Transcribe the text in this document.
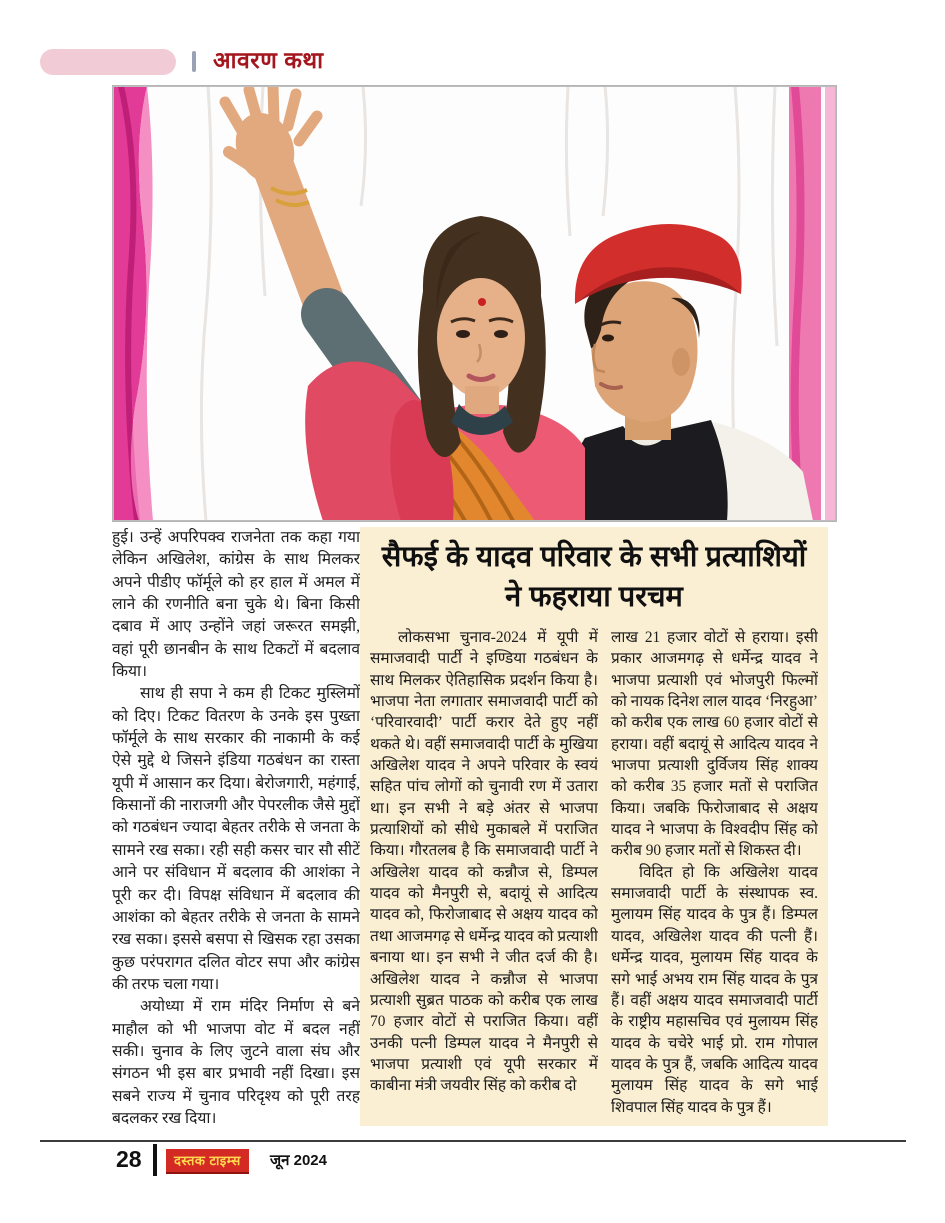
आवरण कथा

हुई। उन्हें अपरिपक्व राजनेता तक कहा गया लेकिन अखिलेश, कांग्रेस के साथ मिलकर अपने पीडीए फॉर्मूले को हर हाल में अमल में लाने की रणनीति बना चुके थे। बिना किसी दबाव में आए उन्होंने जहां जरूरत समझी, वहां पूरी छानबीन के साथ टिकटों में बदलाव किया।

साथ ही सपा ने कम ही टिकट मुस्लिमों को दिए। टिकट वितरण के उनके इस पुख्ता फॉर्मूले के साथ सरकार की नाकामी के कई ऐसे मुद्दे थे जिसने इंडिया गठबंधन का रास्ता यूपी में आसान कर दिया। बेरोजगारी, महंगाई, किसानों की नाराजगी और पेपरलीक जैसे मुद्दों को गठबंधन ज्यादा बेहतर तरीके से जनता के सामने रख सका। रही सही कसर चार सौ सीटें आने पर संविधान में बदलाव की आशंका ने पूरी कर दी। विपक्ष संविधान में बदलाव की आशंका को बेहतर तरीके से जनता के सामने रख सका। इससे बसपा से खिसक रहा उसका कुछ परंपरागत दलित वोटर सपा और कांग्रेस की तरफ चला गया।

अयोध्या में राम मंदिर निर्माण से बने माहौल को भी भाजपा वोट में बदल नहीं सकी। चुनाव के लिए जुटने वाला संघ और संगठन भी इस बार प्रभावी नहीं दिखा। इस सबने राज्य में चुनाव परिदृश्य को पूरी तरह बदलकर रख दिया।

सैफई के यादव परिवार के सभी प्रत्याशियों ने फहराया परचम

लोकसभा चुनाव-2024 में यूपी में समाजवादी पार्टी ने इण्डिया गठबंधन के साथ मिलकर ऐतिहासिक प्रदर्शन किया है। भाजपा नेता लगातार समाजवादी पार्टी को ‘परिवारवादी’ पार्टी करार देते हुए नहीं थकते थे। वहीं समाजवादी पार्टी के मुखिया अखिलेश यादव ने अपने परिवार के स्वयं सहित पांच लोगों को चुनावी रण में उतारा था। इन सभी ने बड़े अंतर से भाजपा प्रत्याशियों को सीधे मुकाबले में पराजित किया। गौरतलब है कि समाजवादी पार्टी ने अखिलेश यादव को कन्नौज से, डिम्पल यादव को मैनपुरी से, बदायूं से आदित्य यादव को, फिरोजाबाद से अक्षय यादव को तथा आजमगढ़ से धर्मेन्द्र यादव को प्रत्याशी बनाया था। इन सभी ने जीत दर्ज की है। अखिलेश यादव ने कन्नौज से भाजपा प्रत्याशी सुब्रत पाठक को करीब एक लाख 70 हजार वोटों से पराजित किया। वहीं उनकी पत्नी डिम्पल यादव ने मैनपुरी से भाजपा प्रत्याशी एवं यूपी सरकार में काबीना मंत्री जयवीर सिंह को करीब दो

लाख 21 हजार वोटों से हराया। इसी प्रकार आजमगढ़ से धर्मेन्द्र यादव ने भाजपा प्रत्याशी एवं भोजपुरी फिल्मों को नायक दिनेश लाल यादव ‘निरहुआ’ को करीब एक लाख 60 हजार वोटों से हराया। वहीं बदायूं से आदित्य यादव ने भाजपा प्रत्याशी दुर्विजय सिंह शाक्य को करीब 35 हजार मतों से पराजित किया। जबकि फिरोजाबाद से अक्षय यादव ने भाजपा के विश्वदीप सिंह को करीब 90 हजार मतों से शिकस्त दी।

विदित हो कि अखिलेश यादव समाजवादी पार्टी के संस्थापक स्व. मुलायम सिंह यादव के पुत्र हैं। डिम्पल यादव, अखिलेश यादव की पत्नी हैं। धर्मेन्द्र यादव, मुलायम सिंह यादव के सगे भाई अभय राम सिंह यादव के पुत्र हैं। वहीं अक्षय यादव समाजवादी पार्टी के राष्ट्रीय महासचिव एवं मुलायम सिंह यादव के चचेरे भाई प्रो. राम गोपाल यादव के पुत्र हैं, जबकि आदित्य यादव मुलायम सिंह यादव के सगे भाई शिवपाल सिंह यादव के पुत्र हैं।

28	दस्तक टाइम्स	जून 2024
